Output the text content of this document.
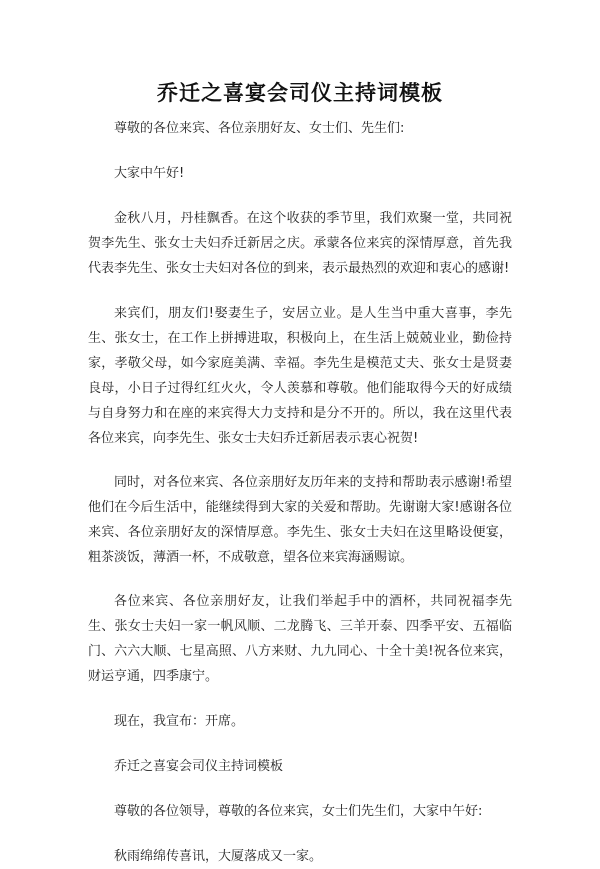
乔迁之喜宴会司仪主持词模板

尊敬的各位来宾、各位亲朋好友、女士们、先生们:

大家中午好!

金秋八月，丹桂飘香。在这个收获的季节里，我们欢聚一堂，共同祝贺李先生、张女士夫妇乔迁新居之庆。承蒙各位来宾的深情厚意，首先我代表李先生、张女士夫妇对各位的到来，表示最热烈的欢迎和衷心的感谢!

来宾们，朋友们!娶妻生子，安居立业。是人生当中重大喜事，李先生、张女士，在工作上拼搏进取，积极向上，在生活上兢兢业业，勤俭持家，孝敬父母，如今家庭美满、幸福。李先生是模范丈夫、张女士是贤妻良母，小日子过得红红火火，令人羡慕和尊敬。他们能取得今天的好成绩与自身努力和在座的来宾得大力支持和是分不开的。所以，我在这里代表各位来宾，向李先生、张女士夫妇乔迁新居表示衷心祝贺!

同时，对各位来宾、各位亲朋好友历年来的支持和帮助表示感谢!希望他们在今后生活中，能继续得到大家的关爱和帮助。先谢谢大家!感谢各位来宾、各位亲朋好友的深情厚意。李先生、张女士夫妇在这里略设便宴，粗茶淡饭，薄酒一杯，不成敬意，望各位来宾海涵赐谅。

各位来宾、各位亲朋好友，让我们举起手中的酒杯，共同祝福李先生、张女士夫妇一家一帆风顺、二龙腾飞、三羊开泰、四季平安、五福临门、六六大顺、七星高照、八方来财、九九同心、十全十美!祝各位来宾，财运亨通，四季康宁。

现在，我宣布：开席。

乔迁之喜宴会司仪主持词模板

尊敬的各位领导，尊敬的各位来宾，女士们先生们，大家中午好:

秋雨绵绵传喜讯，大厦落成又一家。
